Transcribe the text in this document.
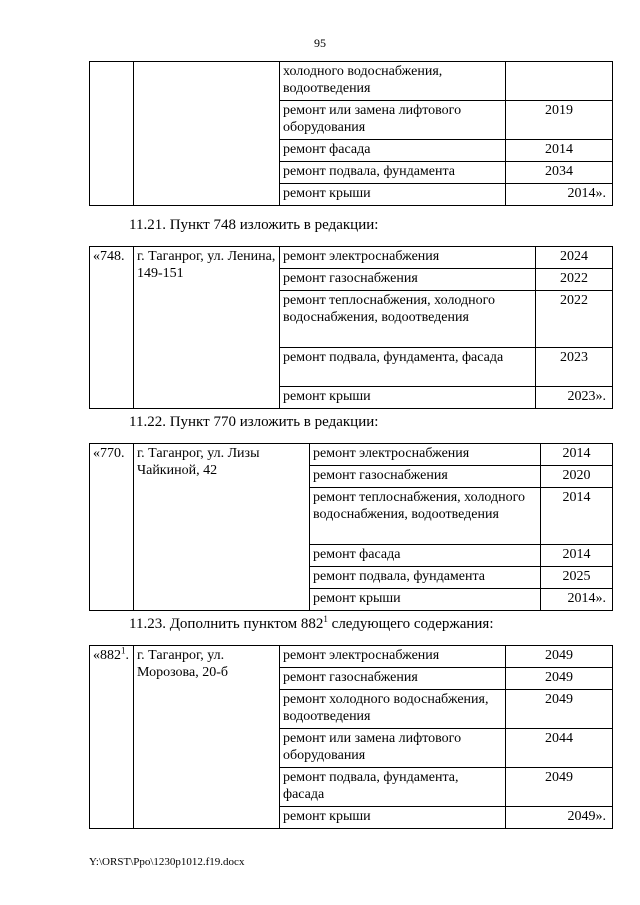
95
		холодного водоснабжения, водоотведения	
		ремонт или замена лифтового оборудования	2019
		ремонт фасада	2014
		ремонт подвала, фундамента	2034
		ремонт крыши	2014».
11.21. Пункт 748 изложить в редакции:
«748.	г. Таганрог, ул. Ленина, 149-151	ремонт электроснабжения	2024
		ремонт газоснабжения	2022
		ремонт теплоснабжения, холодного водоснабжения, водоотведения	2022
		ремонт подвала, фундамента, фасада	2023
		ремонт крыши	2023».
11.22. Пункт 770 изложить в редакции:
«770.	г. Таганрог, ул. Лизы Чайкиной, 42	ремонт электроснабжения	2014
		ремонт газоснабжения	2020
		ремонт теплоснабжения, холодного водоснабжения, водоотведения	2014
		ремонт фасада	2014
		ремонт подвала, фундамента	2025
		ремонт крыши	2014».
11.23. Дополнить пунктом $882^1$ следующего содержания:
«$882^1$.	г. Таганрог, ул. Морозова, 20-б	ремонт электроснабжения	2049
		ремонт газоснабжения	2049
		ремонт холодного водоснабжения, водоотведения	2049
		ремонт или замена лифтового оборудования	2044
		ремонт подвала, фундамента, фасада	2049
		ремонт крыши	2049».
Y:\ORST\Ppo\1230p1012.f19.docx
